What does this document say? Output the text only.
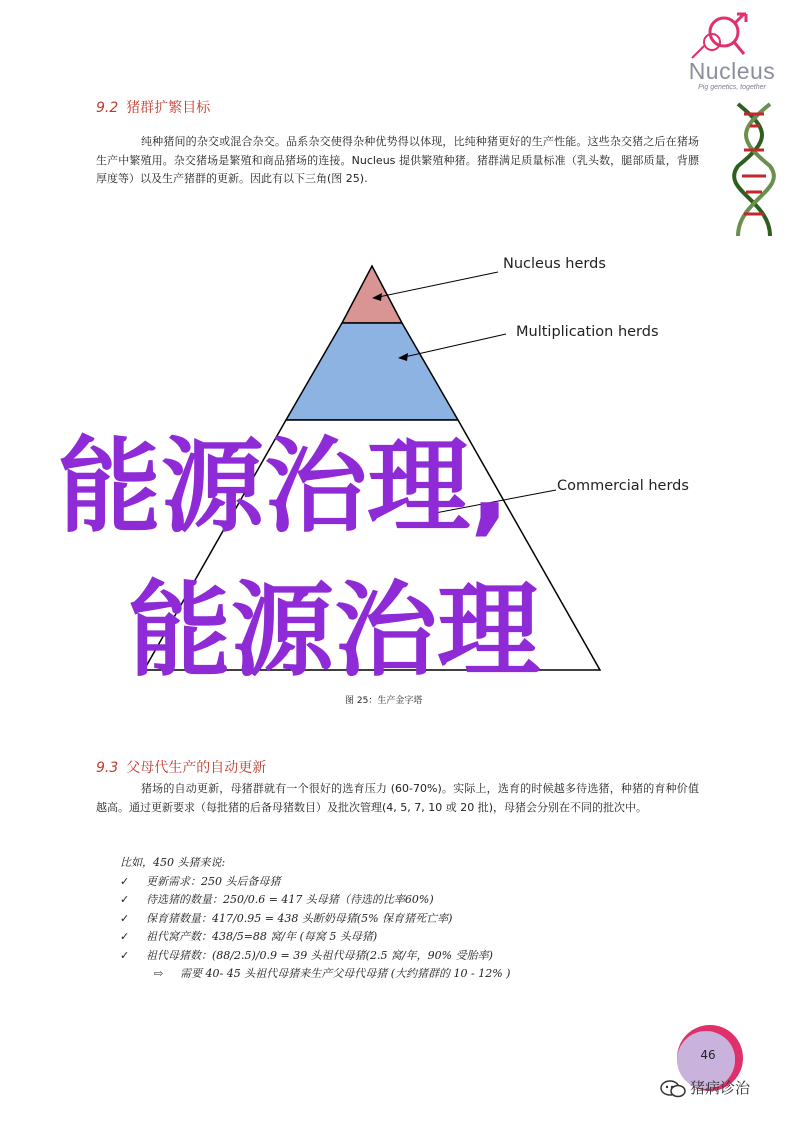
Nucleus
Pig genetics, together
9.2 猪群扩繁目标
纯种猪间的杂交或混合杂交。品系杂交使得杂种优势得以体现，比纯种猪更好的生产性能。这些杂交猪之后在猪场生产中繁殖用。杂交猪场是繁殖和商品猪场的连接。Nucleus 提供繁殖种猪。猪群满足质量标准（乳头数，腿部质量，背膘厚度等）以及生产猪群的更新。因此有以下三角(图 25).
Nucleus herds
Multiplication herds
Commercial herds
图 25：生产金字塔
9.3 父母代生产的自动更新
猪场的自动更新，母猪群就有一个很好的选育压力 (60-70%)。实际上，选育的时候越多待选猪，种猪的育种价值越高。通过更新要求（每批猪的后备母猪数目）及批次管理(4, 5, 7, 10 或 20 批)，母猪会分别在不同的批次中。
比如，450 头猪来说:
✓ 更新需求：250 头后备母猪
✓ 待选猪的数量：250/0.6 = 417 头母猪（待选的比率60%)
✓ 保育猪数量：417/0.95 = 438 头断奶母猪(5% 保育猪死亡率)
✓ 祖代窝产数：438/5=88 窝/年 (每窝 5 头母猪)
✓ 祖代母猪数：(88/2.5)/0.9 = 39 头祖代母猪(2.5 窝/年，90% 受胎率)
⇨ 需要 40- 45 头祖代母猪来生产父母代母猪 (大约猪群的 10 - 12% )
能源治理,
能源治理
46
猪病诊治
